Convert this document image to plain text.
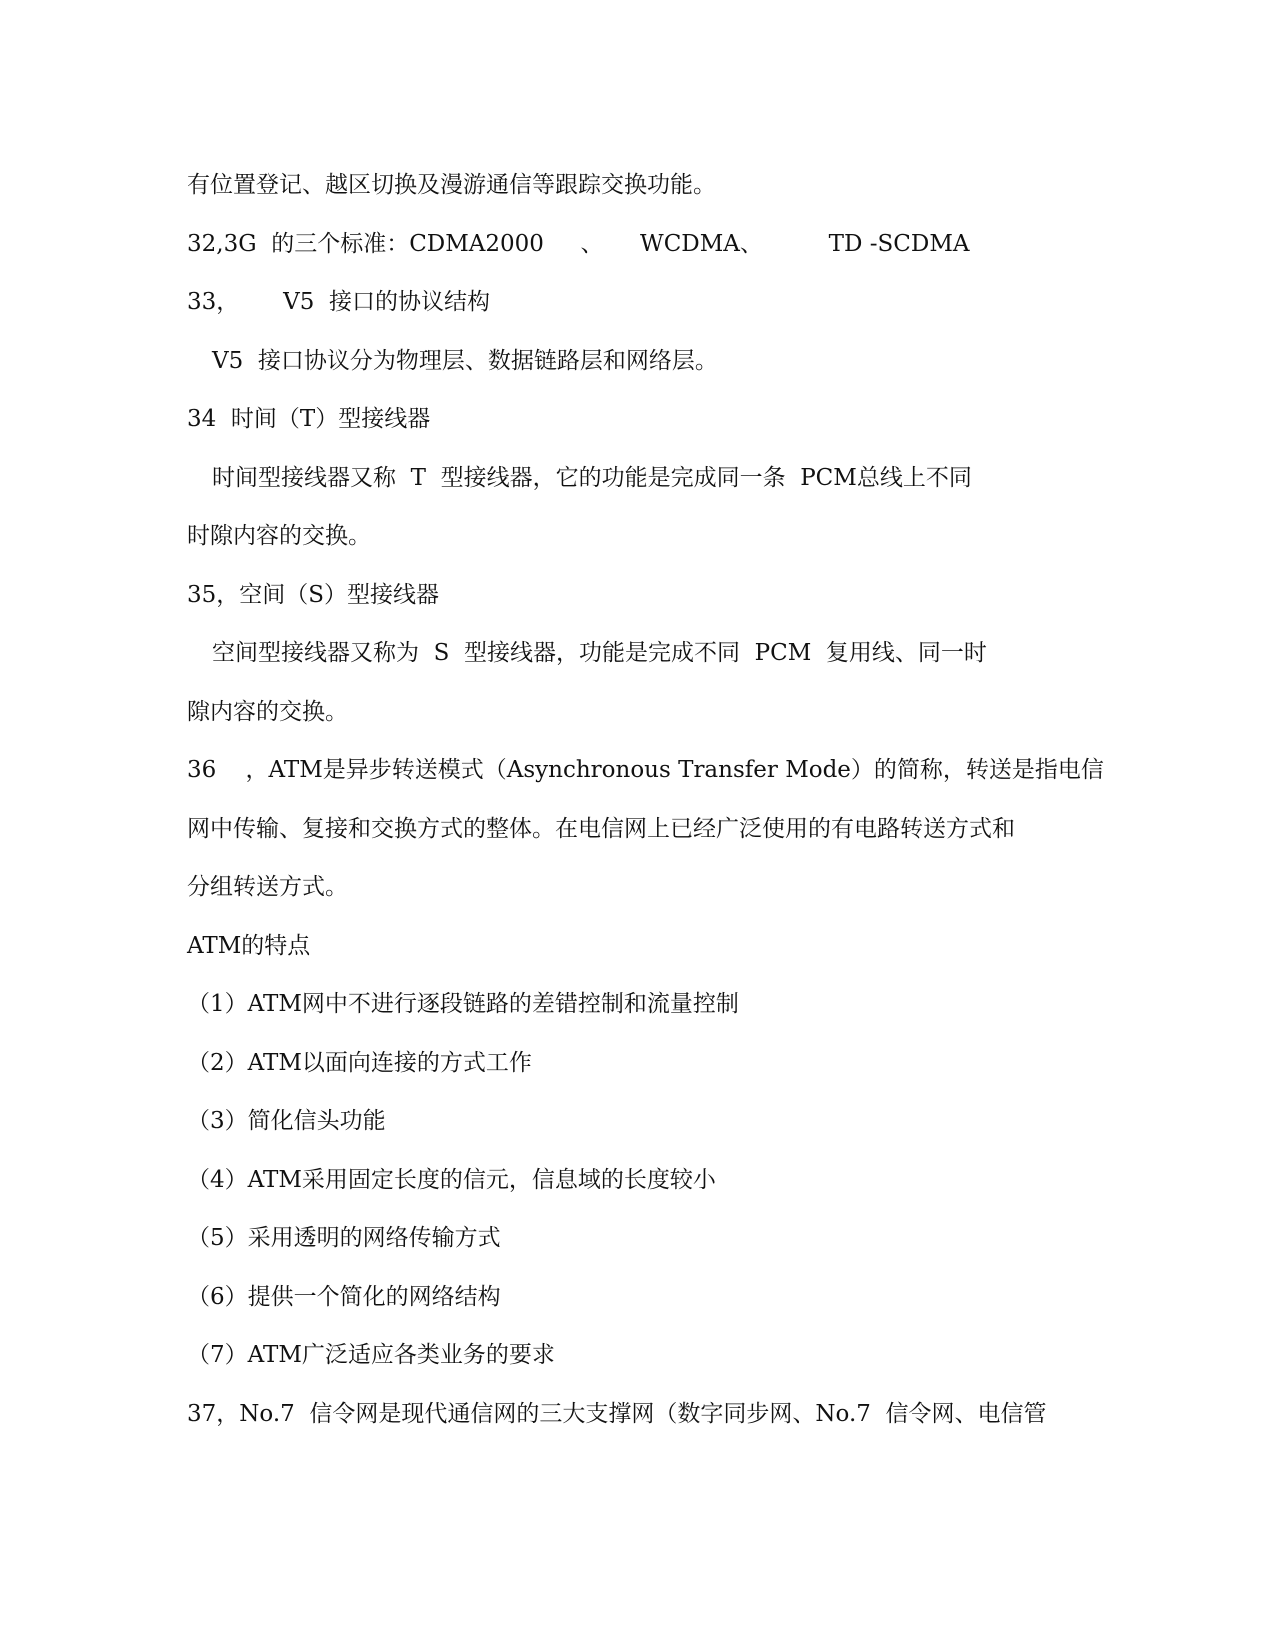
有位置登记、越区切换及漫游通信等跟踪交换功能。

32,3G  的三个标准：CDMA2000     、     WCDMA、         TD -SCDMA

33，      V5  接口的协议结构

V5  接口协议分为物理层、数据链路层和网络层。

34  时间（T）型接线器

时间型接线器又称  T  型接线器，它的功能是完成同一条  PCM总线上不同

时隙内容的交换。

35，空间（S）型接线器

空间型接线器又称为  S  型接线器，功能是完成不同  PCM  复用线、同一时

隙内容的交换。

36    ，ATM是异步转送模式（Asynchronous Transfer Mode）的简称，转送是指电信

网中传输、复接和交换方式的整体。在电信网上已经广泛使用的有电路转送方式和

分组转送方式。

ATM的特点

（1）ATM网中不进行逐段链路的差错控制和流量控制

（2）ATM以面向连接的方式工作

（3）简化信头功能

（4）ATM采用固定长度的信元，信息域的长度较小

（5）采用透明的网络传输方式

（6）提供一个简化的网络结构

（7）ATM广泛适应各类业务的要求

37，No.7  信令网是现代通信网的三大支撑网（数字同步网、No.7  信令网、电信管
